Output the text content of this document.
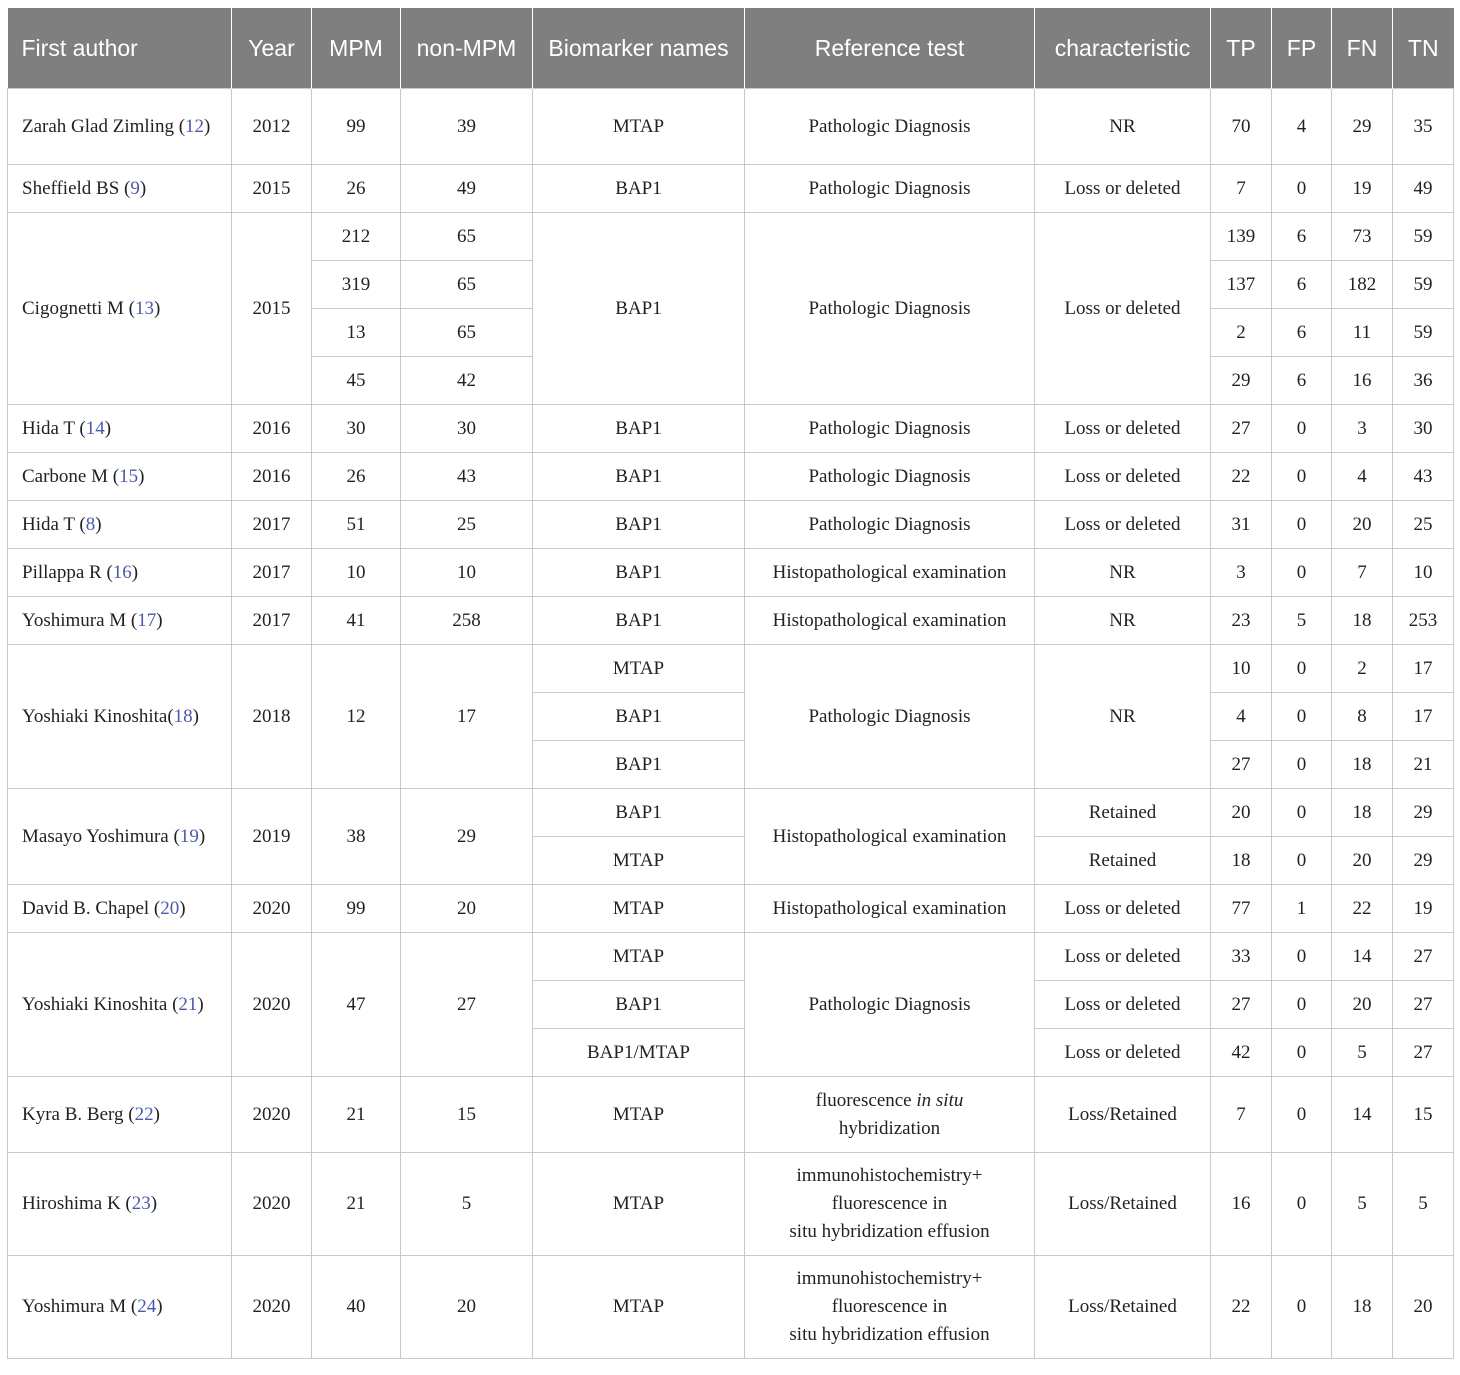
First author	Year	MPM	non-MPM	Biomarker names	Reference test	characteristic	TP	FP	FN	TN
Zarah Glad Zimling (12)	2012	99	39	MTAP	Pathologic Diagnosis	NR	70	4	29	35
Sheffield BS (9)	2015	26	49	BAP1	Pathologic Diagnosis	Loss or deleted	7	0	19	49
Cigognetti M (13)	2015	212	65	BAP1	Pathologic Diagnosis	Loss or deleted	139	6	73	59
		319	65				137	6	182	59
		13	65				2	6	11	59
		45	42				29	6	16	36
Hida T (14)	2016	30	30	BAP1	Pathologic Diagnosis	Loss or deleted	27	0	3	30
Carbone M (15)	2016	26	43	BAP1	Pathologic Diagnosis	Loss or deleted	22	0	4	43
Hida T (8)	2017	51	25	BAP1	Pathologic Diagnosis	Loss or deleted	31	0	20	25
Pillappa R (16)	2017	10	10	BAP1	Histopathological examination	NR	3	0	7	10
Yoshimura M (17)	2017	41	258	BAP1	Histopathological examination	NR	23	5	18	253
Yoshiaki Kinoshita(18)	2018	12	17	MTAP	Pathologic Diagnosis	NR	10	0	2	17
				BAP1			4	0	8	17
				BAP1			27	0	18	21
Masayo Yoshimura (19)	2019	38	29	BAP1	Histopathological examination	Retained	20	0	18	29
				MTAP		Retained	18	0	20	29
David B. Chapel (20)	2020	99	20	MTAP	Histopathological examination	Loss or deleted	77	1	22	19
Yoshiaki Kinoshita (21)	2020	47	27	MTAP	Pathologic Diagnosis	Loss or deleted	33	0	14	27
				BAP1		Loss or deleted	27	0	20	27
				BAP1/MTAP		Loss or deleted	42	0	5	27
Kyra B. Berg (22)	2020	21	15	MTAP	fluorescence in situ
hybridization	Loss/Retained	7	0	14	15
Hiroshima K (23)	2020	21	5	MTAP	immunohistochemistry+
fluorescence in
situ hybridization effusion	Loss/Retained	16	0	5	5
Yoshimura M (24)	2020	40	20	MTAP	immunohistochemistry+
fluorescence in
situ hybridization effusion	Loss/Retained	22	0	18	20
